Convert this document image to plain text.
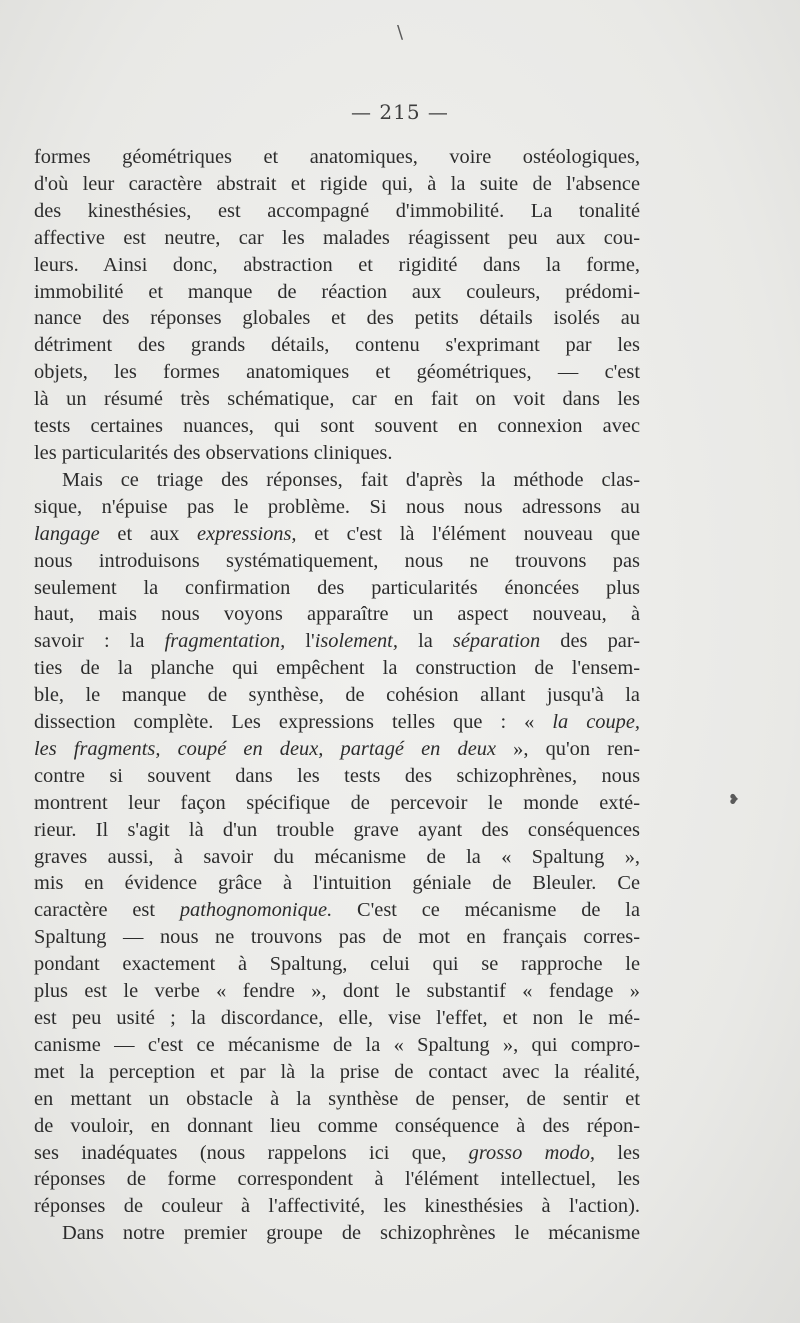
\
❥
— 215 —

formes géométriques et anatomiques, voire ostéologiques,
d'où leur caractère abstrait et rigide qui, à la suite de l'absence
des kinesthésies, est accompagné d'immobilité. La tonalité
affective est neutre, car les malades réagissent peu aux cou-
leurs. Ainsi donc, abstraction et rigidité dans la forme,
immobilité et manque de réaction aux couleurs, prédomi-
nance des réponses globales et des petits détails isolés au
détriment des grands détails, contenu s'exprimant par les
objets, les formes anatomiques et géométriques, — c'est
là un résumé très schématique, car en fait on voit dans les
tests certaines nuances, qui sont souvent en connexion avec
les particularités des observations cliniques.

Mais ce triage des réponses, fait d'après la méthode clas-
sique, n'épuise pas le problème. Si nous nous adressons au
langage et aux expressions, et c'est là l'élément nouveau que
nous introduisons systématiquement, nous ne trouvons pas
seulement la confirmation des particularités énoncées plus
haut, mais nous voyons apparaître un aspect nouveau, à
savoir : la fragmentation, l'isolement, la séparation des par-
ties de la planche qui empêchent la construction de l'ensem-
ble, le manque de synthèse, de cohésion allant jusqu'à la
dissection complète. Les expressions telles que : « la coupe,
les fragments, coupé en deux, partagé en deux », qu'on ren-
contre si souvent dans les tests des schizophrènes, nous
montrent leur façon spécifique de percevoir le monde exté-
rieur. Il s'agit là d'un trouble grave ayant des conséquences
graves aussi, à savoir du mécanisme de la « Spaltung »,
mis en évidence grâce à l'intuition géniale de Bleuler. Ce
caractère est pathognomonique. C'est ce mécanisme de la
Spaltung — nous ne trouvons pas de mot en français corres-
pondant exactement à Spaltung, celui qui se rapproche le
plus est le verbe « fendre », dont le substantif « fendage »
est peu usité ; la discordance, elle, vise l'effet, et non le mé-
canisme — c'est ce mécanisme de la « Spaltung », qui compro-
met la perception et par là la prise de contact avec la réalité,
en mettant un obstacle à la synthèse de penser, de sentir et
de vouloir, en donnant lieu comme conséquence à des répon-
ses inadéquates (nous rappelons ici que, grosso modo, les
réponses de forme correspondent à l'élément intellectuel, les
réponses de couleur à l'affectivité, les kinesthésies à l'action).

Dans notre premier groupe de schizophrènes le mécanisme
